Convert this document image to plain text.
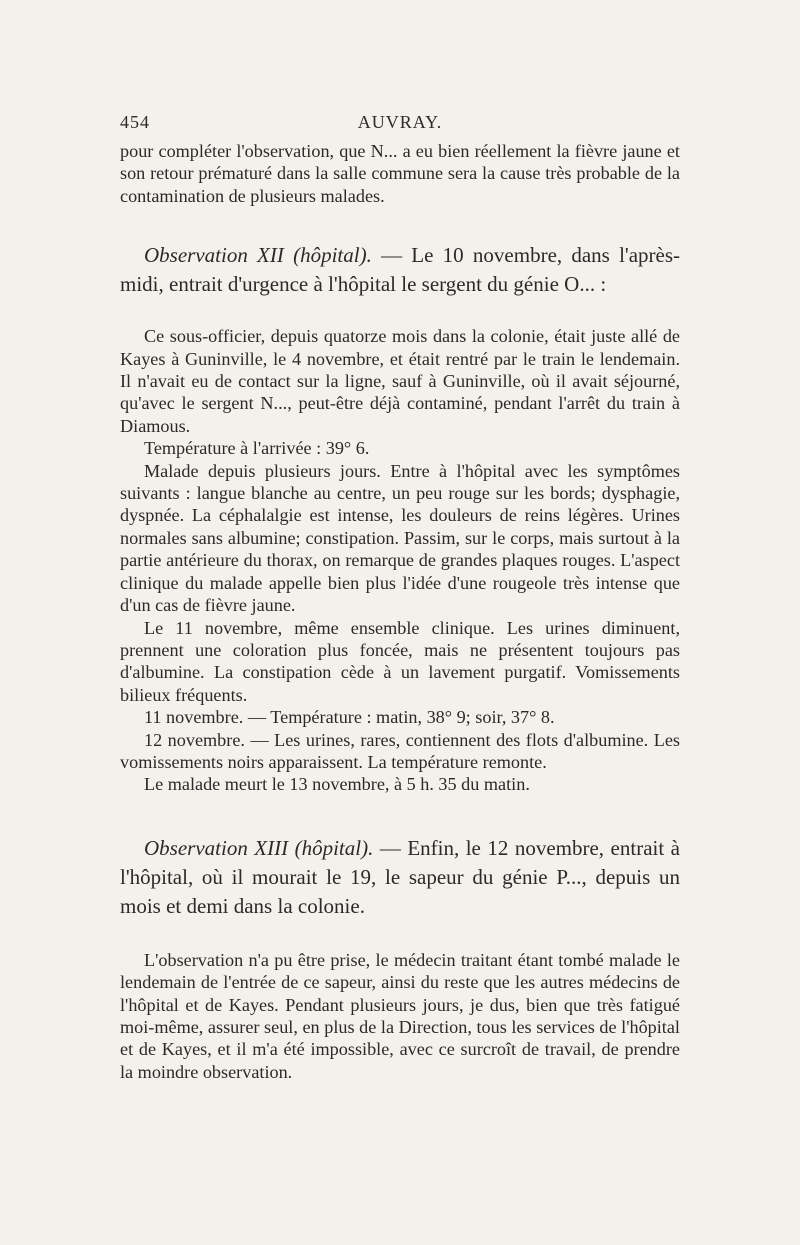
454	AUVRAY.

pour compléter l'observation, que N... a eu bien réellement la fièvre jaune et son retour prématuré dans la salle commune sera la cause très probable de la contamination de plusieurs malades.

Observation XII (hôpital). — Le 10 novembre, dans l'après-midi, entrait d'urgence à l'hôpital le sergent du génie O... :

Ce sous-officier, depuis quatorze mois dans la colonie, était juste allé de Kayes à Guninville, le 4 novembre, et était rentré par le train le lendemain. Il n'avait eu de contact sur la ligne, sauf à Guninville, où il avait séjourné, qu'avec le sergent N..., peut-être déjà contaminé, pendant l'arrêt du train à Diamous.

Température à l'arrivée : 39° 6.

Malade depuis plusieurs jours. Entre à l'hôpital avec les symptômes suivants : langue blanche au centre, un peu rouge sur les bords; dysphagie, dyspnée. La céphalalgie est intense, les douleurs de reins légères. Urines normales sans albumine; constipation. Passim, sur le corps, mais surtout à la partie antérieure du thorax, on remarque de grandes plaques rouges. L'aspect clinique du malade appelle bien plus l'idée d'une rougeole très intense que d'un cas de fièvre jaune.

Le 11 novembre, même ensemble clinique. Les urines diminuent, prennent une coloration plus foncée, mais ne présentent toujours pas d'albumine. La constipation cède à un lavement purgatif. Vomissements bilieux fréquents.

11 novembre. — Température : matin, 38° 9; soir, 37° 8.

12 novembre. — Les urines, rares, contiennent des flots d'albumine. Les vomissements noirs apparaissent. La température remonte.

Le malade meurt le 13 novembre, à 5 h. 35 du matin.

Observation XIII (hôpital). — Enfin, le 12 novembre, entrait à l'hôpital, où il mourait le 19, le sapeur du génie P..., depuis un mois et demi dans la colonie.

L'observation n'a pu être prise, le médecin traitant étant tombé malade le lendemain de l'entrée de ce sapeur, ainsi du reste que les autres médecins de l'hôpital et de Kayes. Pendant plusieurs jours, je dus, bien que très fatigué moi-même, assurer seul, en plus de la Direction, tous les services de l'hôpital et de Kayes, et il m'a été impossible, avec ce surcroît de travail, de prendre la moindre observation.
